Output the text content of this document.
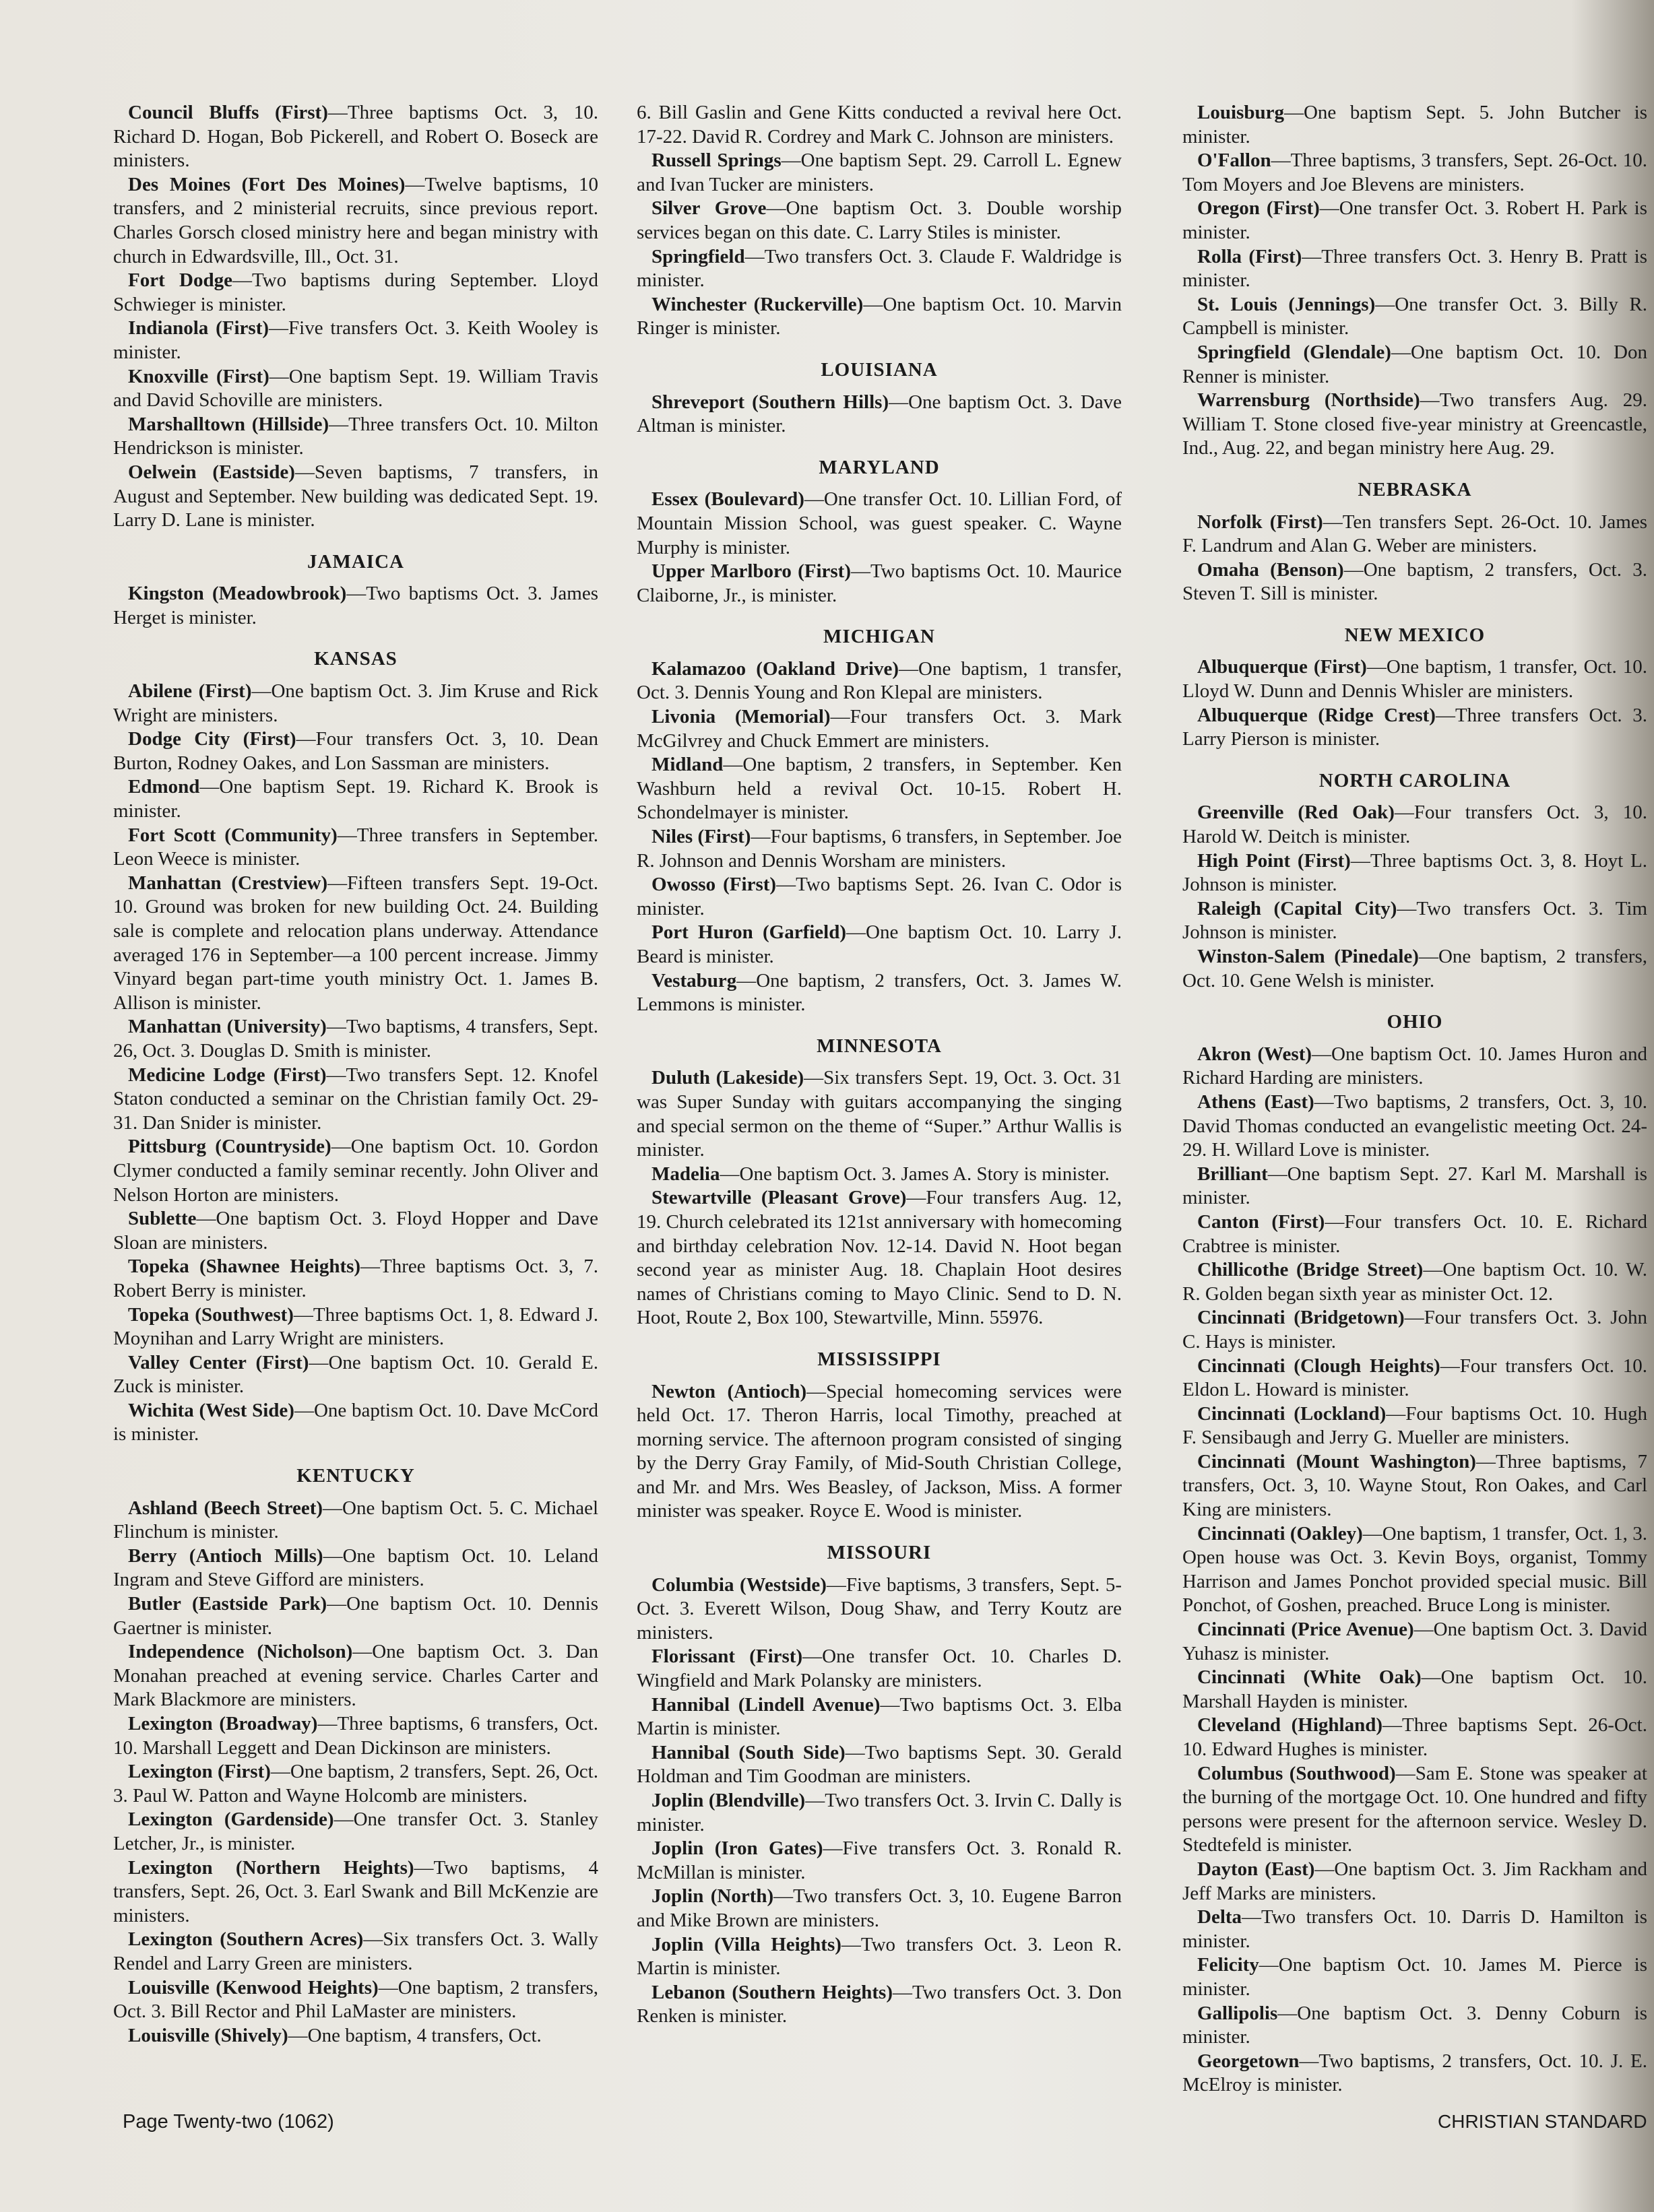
Council Bluffs (First)—Three baptisms Oct. 3, 10. Richard D. Hogan, Bob Pickerell, and Robert O. Boseck are ministers.

Des Moines (Fort Des Moines)—Twelve baptisms, 10 transfers, and 2 ministerial recruits, since previous report. Charles Gorsch closed ministry here and began ministry with church in Edwardsville, Ill., Oct. 31.

Fort Dodge—Two baptisms during September. Lloyd Schwieger is minister.

Indianola (First)—Five transfers Oct. 3. Keith Wooley is minister.

Knoxville (First)—One baptism Sept. 19. William Travis and David Schoville are ministers.

Marshalltown (Hillside)—Three transfers Oct. 10. Milton Hendrickson is minister.

Oelwein (Eastside)—Seven baptisms, 7 transfers, in August and September. New building was dedicated Sept. 19. Larry D. Lane is minister.

JAMAICA

Kingston (Meadowbrook)—Two baptisms Oct. 3. James Herget is minister.

KANSAS

Abilene (First)—One baptism Oct. 3. Jim Kruse and Rick Wright are ministers.

Dodge City (First)—Four transfers Oct. 3, 10. Dean Burton, Rodney Oakes, and Lon Sassman are ministers.

Edmond—One baptism Sept. 19. Richard K. Brook is minister.

Fort Scott (Community)—Three transfers in September. Leon Weece is minister.

Manhattan (Crestview)—Fifteen transfers Sept. 19-Oct. 10. Ground was broken for new building Oct. 24. Building sale is complete and relocation plans underway. Attendance averaged 176 in September—a 100 percent increase. Jimmy Vinyard began part-time youth ministry Oct. 1. James B. Allison is minister.

Manhattan (University)—Two baptisms, 4 transfers, Sept. 26, Oct. 3. Douglas D. Smith is minister.

Medicine Lodge (First)—Two transfers Sept. 12. Knofel Staton conducted a seminar on the Christian family Oct. 29-31. Dan Snider is minister.

Pittsburg (Countryside)—One baptism Oct. 10. Gordon Clymer conducted a family seminar recently. John Oliver and Nelson Horton are ministers.

Sublette—One baptism Oct. 3. Floyd Hopper and Dave Sloan are ministers.

Topeka (Shawnee Heights)—Three baptisms Oct. 3, 7. Robert Berry is minister.

Topeka (Southwest)—Three baptisms Oct. 1, 8. Edward J. Moynihan and Larry Wright are ministers.

Valley Center (First)—One baptism Oct. 10. Gerald E. Zuck is minister.

Wichita (West Side)—One baptism Oct. 10. Dave McCord is minister.

KENTUCKY

Ashland (Beech Street)—One baptism Oct. 5. C. Michael Flinchum is minister.

Berry (Antioch Mills)—One baptism Oct. 10. Leland Ingram and Steve Gifford are ministers.

Butler (Eastside Park)—One baptism Oct. 10. Dennis Gaertner is minister.

Independence (Nicholson)—One baptism Oct. 3. Dan Monahan preached at evening service. Charles Carter and Mark Blackmore are ministers.

Lexington (Broadway)—Three baptisms, 6 transfers, Oct. 10. Marshall Leggett and Dean Dickinson are ministers.

Lexington (First)—One baptism, 2 transfers, Sept. 26, Oct. 3. Paul W. Patton and Wayne Holcomb are ministers.

Lexington (Gardenside)—One transfer Oct. 3. Stanley Letcher, Jr., is minister.

Lexington (Northern Heights)—Two baptisms, 4 transfers, Sept. 26, Oct. 3. Earl Swank and Bill McKenzie are ministers.

Lexington (Southern Acres)—Six transfers Oct. 3. Wally Rendel and Larry Green are ministers.

Louisville (Kenwood Heights)—One baptism, 2 transfers, Oct. 3. Bill Rector and Phil LaMaster are ministers.

Louisville (Shively)—One baptism, 4 transfers, Oct.

6. Bill Gaslin and Gene Kitts conducted a revival here Oct. 17-22. David R. Cordrey and Mark C. Johnson are ministers.

Russell Springs—One baptism Sept. 29. Carroll L. Egnew and Ivan Tucker are ministers.

Silver Grove—One baptism Oct. 3. Double worship services began on this date. C. Larry Stiles is minister.

Springfield—Two transfers Oct. 3. Claude F. Waldridge is minister.

Winchester (Ruckerville)—One baptism Oct. 10. Marvin Ringer is minister.

LOUISIANA

Shreveport (Southern Hills)—One baptism Oct. 3. Dave Altman is minister.

MARYLAND

Essex (Boulevard)—One transfer Oct. 10. Lillian Ford, of Mountain Mission School, was guest speaker. C. Wayne Murphy is minister.

Upper Marlboro (First)—Two baptisms Oct. 10. Maurice Claiborne, Jr., is minister.

MICHIGAN

Kalamazoo (Oakland Drive)—One baptism, 1 transfer, Oct. 3. Dennis Young and Ron Klepal are ministers.

Livonia (Memorial)—Four transfers Oct. 3. Mark McGilvrey and Chuck Emmert are ministers.

Midland—One baptism, 2 transfers, in September. Ken Washburn held a revival Oct. 10-15. Robert H. Schondelmayer is minister.

Niles (First)—Four baptisms, 6 transfers, in September. Joe R. Johnson and Dennis Worsham are ministers.

Owosso (First)—Two baptisms Sept. 26. Ivan C. Odor is minister.

Port Huron (Garfield)—One baptism Oct. 10. Larry J. Beard is minister.

Vestaburg—One baptism, 2 transfers, Oct. 3. James W. Lemmons is minister.

MINNESOTA

Duluth (Lakeside)—Six transfers Sept. 19, Oct. 3. Oct. 31 was Super Sunday with guitars accompanying the singing and special sermon on the theme of “Super.” Arthur Wallis is minister.

Madelia—One baptism Oct. 3. James A. Story is minister.

Stewartville (Pleasant Grove)—Four transfers Aug. 12, 19. Church celebrated its 121st anniversary with homecoming and birthday celebration Nov. 12-14. David N. Hoot began second year as minister Aug. 18. Chaplain Hoot desires names of Christians coming to Mayo Clinic. Send to D. N. Hoot, Route 2, Box 100, Stewartville, Minn. 55976.

MISSISSIPPI

Newton (Antioch)—Special homecoming services were held Oct. 17. Theron Harris, local Timothy, preached at morning service. The afternoon program consisted of singing by the Derry Gray Family, of Mid-South Christian College, and Mr. and Mrs. Wes Beasley, of Jackson, Miss. A former minister was speaker. Royce E. Wood is minister.

MISSOURI

Columbia (Westside)—Five baptisms, 3 transfers, Sept. 5-Oct. 3. Everett Wilson, Doug Shaw, and Terry Koutz are ministers.

Florissant (First)—One transfer Oct. 10. Charles D. Wingfield and Mark Polansky are ministers.

Hannibal (Lindell Avenue)—Two baptisms Oct. 3. Elba Martin is minister.

Hannibal (South Side)—Two baptisms Sept. 30. Gerald Holdman and Tim Goodman are ministers.

Joplin (Blendville)—Two transfers Oct. 3. Irvin C. Dally is minister.

Joplin (Iron Gates)—Five transfers Oct. 3. Ronald R. McMillan is minister.

Joplin (North)—Two transfers Oct. 3, 10. Eugene Barron and Mike Brown are ministers.

Joplin (Villa Heights)—Two transfers Oct. 3. Leon R. Martin is minister.

Lebanon (Southern Heights)—Two transfers Oct. 3. Don Renken is minister.

Louisburg—One baptism Sept. 5. John Butcher is minister.

O'Fallon—Three baptisms, 3 transfers, Sept. 26-Oct. 10. Tom Moyers and Joe Blevens are ministers.

Oregon (First)—One transfer Oct. 3. Robert H. Park is minister.

Rolla (First)—Three transfers Oct. 3. Henry B. Pratt is minister.

St. Louis (Jennings)—One transfer Oct. 3. Billy R. Campbell is minister.

Springfield (Glendale)—One baptism Oct. 10. Don Renner is minister.

Warrensburg (Northside)—Two transfers Aug. 29. William T. Stone closed five-year ministry at Greencastle, Ind., Aug. 22, and began ministry here Aug. 29.

NEBRASKA

Norfolk (First)—Ten transfers Sept. 26-Oct. 10. James F. Landrum and Alan G. Weber are ministers.

Omaha (Benson)—One baptism, 2 transfers, Oct. 3. Steven T. Sill is minister.

NEW MEXICO

Albuquerque (First)—One baptism, 1 transfer, Oct. 10. Lloyd W. Dunn and Dennis Whisler are ministers.

Albuquerque (Ridge Crest)—Three transfers Oct. 3. Larry Pierson is minister.

NORTH CAROLINA

Greenville (Red Oak)—Four transfers Oct. 3, 10. Harold W. Deitch is minister.

High Point (First)—Three baptisms Oct. 3, 8. Hoyt L. Johnson is minister.

Raleigh (Capital City)—Two transfers Oct. 3. Tim Johnson is minister.

Winston-Salem (Pinedale)—One baptism, 2 transfers, Oct. 10. Gene Welsh is minister.

OHIO

Akron (West)—One baptism Oct. 10. James Huron and Richard Harding are ministers.

Athens (East)—Two baptisms, 2 transfers, Oct. 3, 10. David Thomas conducted an evangelistic meeting Oct. 24-29. H. Willard Love is minister.

Brilliant—One baptism Sept. 27. Karl M. Marshall is minister.

Canton (First)—Four transfers Oct. 10. E. Richard Crabtree is minister.

Chillicothe (Bridge Street)—One baptism Oct. 10. W. R. Golden began sixth year as minister Oct. 12.

Cincinnati (Bridgetown)—Four transfers Oct. 3. John C. Hays is minister.

Cincinnati (Clough Heights)—Four transfers Oct. 10. Eldon L. Howard is minister.

Cincinnati (Lockland)—Four baptisms Oct. 10. Hugh F. Sensibaugh and Jerry G. Mueller are ministers.

Cincinnati (Mount Washington)—Three baptisms, 7 transfers, Oct. 3, 10. Wayne Stout, Ron Oakes, and Carl King are ministers.

Cincinnati (Oakley)—One baptism, 1 transfer, Oct. 1, 3. Open house was Oct. 3. Kevin Boys, organist, Tommy Harrison and James Ponchot provided special music. Bill Ponchot, of Goshen, preached. Bruce Long is minister.

Cincinnati (Price Avenue)—One baptism Oct. 3. David Yuhasz is minister.

Cincinnati (White Oak)—One baptism Oct. 10. Marshall Hayden is minister.

Cleveland (Highland)—Three baptisms Sept. 26-Oct. 10. Edward Hughes is minister.

Columbus (Southwood)—Sam E. Stone was speaker at the burning of the mortgage Oct. 10. One hundred and fifty persons were present for the afternoon service. Wesley D. Stedtefeld is minister.

Dayton (East)—One baptism Oct. 3. Jim Rackham and Jeff Marks are ministers.

Delta—Two transfers Oct. 10. Darris D. Hamilton is minister.

Felicity—One baptism Oct. 10. James M. Pierce is minister.

Gallipolis—One baptism Oct. 3. Denny Coburn is minister.

Georgetown—Two baptisms, 2 transfers, Oct. 10. J. E. McElroy is minister.

Page Twenty-two (1062)	CHRISTIAN STANDARD
